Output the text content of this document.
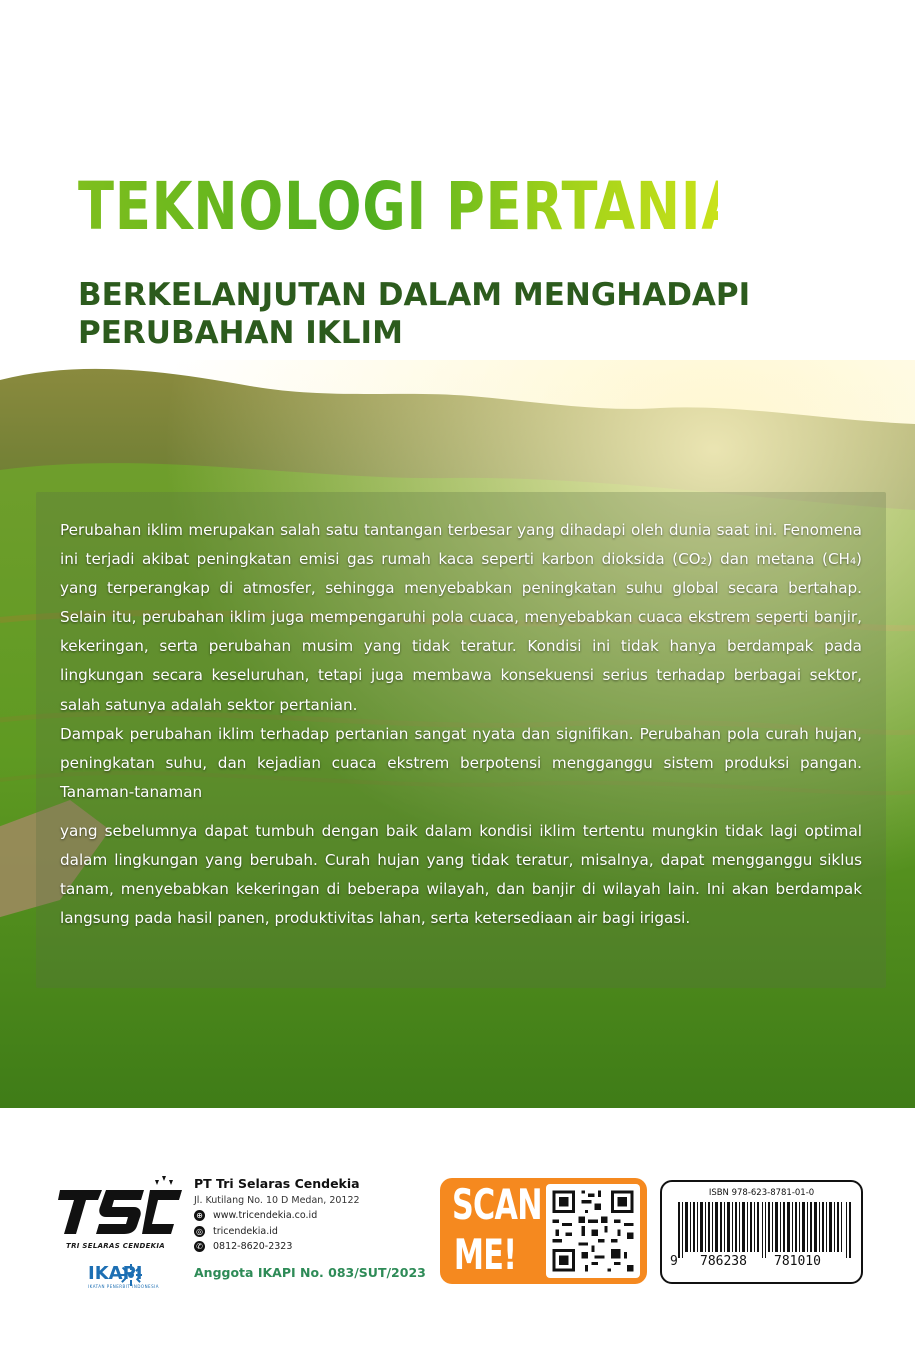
TEKNOLOGI PERTANIAN
BERKELANJUTAN DALAM MENGHADAPI PERUBAHAN IKLIM
Perubahan iklim merupakan salah satu tantangan terbesar yang dihadapi oleh dunia saat ini. Fenomena ini terjadi akibat peningkatan emisi gas rumah kaca seperti karbon dioksida (CO₂) dan metana (CH₄) yang terperangkap di atmosfer, sehingga menyebabkan peningkatan suhu global secara bertahap. Selain itu, perubahan iklim juga mempengaruhi pola cuaca, menyebabkan cuaca ekstrem seperti banjir, kekeringan, serta perubahan musim yang tidak teratur. Kondisi ini tidak hanya berdampak pada lingkungan secara keseluruhan, tetapi juga membawa konsekuensi serius terhadap berbagai sektor, salah satunya adalah sektor pertanian.
Dampak perubahan iklim terhadap pertanian sangat nyata dan signifikan. Perubahan pola curah hujan, peningkatan suhu, dan kejadian cuaca ekstrem berpotensi mengganggu sistem produksi pangan. Tanaman-tanaman
yang sebelumnya dapat tumbuh dengan baik dalam kondisi iklim tertentu mungkin tidak lagi optimal dalam lingkungan yang berubah. Curah hujan yang tidak teratur, misalnya, dapat mengganggu siklus tanam, menyebabkan kekeringan di beberapa wilayah, dan banjir di wilayah lain. Ini akan berdampak langsung pada hasil panen, produktivitas lahan, serta ketersediaan air bagi irigasi.
TRI SELARAS CENDEKIA
IKAPI
IKATAN PENERBIT INDONESIA
PT Tri Selaras Cendekia
Jl. Kutilang No. 10 D Medan, 20122
⊕ www.tricendekia.co.id
◎ tricendekia.id
✆ 0812-8620-2323
Anggota IKAPI No. 083/SUT/2023
SCAN
ME!
ISBN 978-623-8781-01-0
9 786238 781010
